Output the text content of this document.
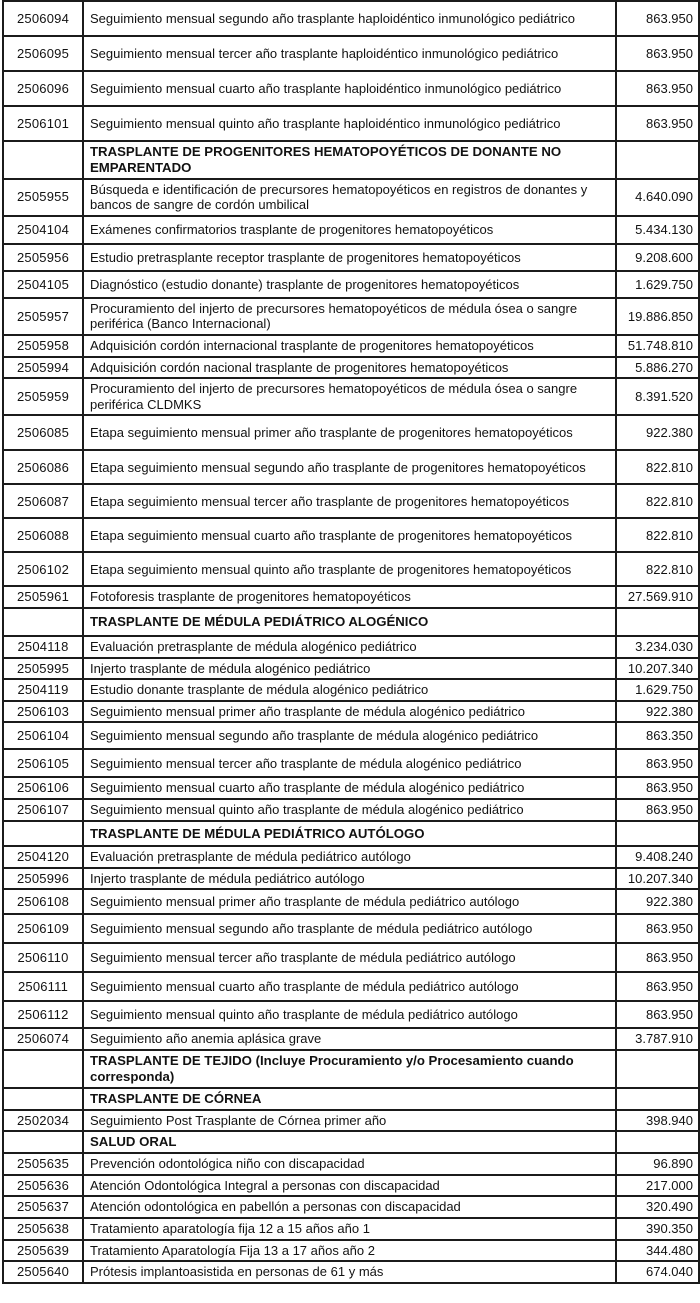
2506094	Seguimiento mensual segundo año trasplante haploidéntico inmunológico pediátrico	863.950
2506095	Seguimiento mensual tercer año trasplante haploidéntico inmunológico pediátrico	863.950
2506096	Seguimiento mensual cuarto año trasplante haploidéntico inmunológico pediátrico	863.950
2506101	Seguimiento mensual quinto año trasplante haploidéntico inmunológico pediátrico	863.950
	TRASPLANTE DE PROGENITORES HEMATOPOYÉTICOS DE DONANTE NO EMPARENTADO	
2505955	Búsqueda e identificación de precursores hematopoyéticos en registros de donantes y bancos de sangre de cordón umbilical	4.640.090
2504104	Exámenes confirmatorios trasplante de progenitores hematopoyéticos	5.434.130
2505956	Estudio pretrasplante receptor trasplante de progenitores hematopoyéticos	9.208.600
2504105	Diagnóstico (estudio donante) trasplante de progenitores hematopoyéticos	1.629.750
2505957	Procuramiento del injerto de precursores hematopoyéticos de médula ósea o sangre periférica (Banco Internacional)	19.886.850
2505958	Adquisición cordón internacional trasplante de progenitores hematopoyéticos	51.748.810
2505994	Adquisición cordón nacional trasplante de progenitores hematopoyéticos	5.886.270
2505959	Procuramiento del injerto de precursores hematopoyéticos de médula ósea o sangre periférica CLDMKS	8.391.520
2506085	Etapa seguimiento mensual primer año trasplante de progenitores hematopoyéticos	922.380
2506086	Etapa seguimiento mensual segundo año trasplante de progenitores hematopoyéticos	822.810
2506087	Etapa seguimiento mensual tercer año trasplante de progenitores hematopoyéticos	822.810
2506088	Etapa seguimiento mensual cuarto año trasplante de progenitores hematopoyéticos	822.810
2506102	Etapa seguimiento mensual quinto año trasplante de progenitores hematopoyéticos	822.810
2505961	Fotoforesis trasplante de progenitores hematopoyéticos	27.569.910
	TRASPLANTE DE MÉDULA PEDIÁTRICO ALOGÉNICO	
2504118	Evaluación pretrasplante de médula alogénico pediátrico	3.234.030
2505995	Injerto trasplante de médula alogénico pediátrico	10.207.340
2504119	Estudio donante trasplante de médula alogénico pediátrico	1.629.750
2506103	Seguimiento mensual primer año trasplante de médula alogénico pediátrico	922.380
2506104	Seguimiento mensual segundo año trasplante de médula alogénico pediátrico	863.350
2506105	Seguimiento mensual tercer año trasplante de médula alogénico pediátrico	863.950
2506106	Seguimiento mensual cuarto año trasplante de médula alogénico pediátrico	863.950
2506107	Seguimiento mensual quinto año trasplante de médula alogénico pediátrico	863.950
	TRASPLANTE DE MÉDULA PEDIÁTRICO AUTÓLOGO	
2504120	Evaluación pretrasplante de médula pediátrico autólogo	9.408.240
2505996	Injerto trasplante de médula pediátrico autólogo	10.207.340
2506108	Seguimiento mensual primer año trasplante de médula pediátrico autólogo	922.380
2506109	Seguimiento mensual segundo año trasplante de médula pediátrico autólogo	863.950
2506110	Seguimiento mensual tercer año trasplante de médula pediátrico autólogo	863.950
2506111	Seguimiento mensual cuarto año trasplante de médula pediátrico autólogo	863.950
2506112	Seguimiento mensual quinto año trasplante de médula pediátrico autólogo	863.950
2506074	Seguimiento año anemia aplásica grave	3.787.910
	TRASPLANTE DE TEJIDO (Incluye Procuramiento y/o Procesamiento cuando corresponda)	
	TRASPLANTE DE CÓRNEA	
2502034	Seguimiento Post Trasplante de Córnea primer año	398.940
	SALUD ORAL	
2505635	Prevención odontológica niño con discapacidad	96.890
2505636	Atención Odontológica Integral a personas con discapacidad	217.000
2505637	Atención odontológica en pabellón a personas con discapacidad	320.490
2505638	Tratamiento aparatología fija 12 a 15 años año 1	390.350
2505639	Tratamiento Aparatología Fija 13 a 17 años año 2	344.480
2505640	Prótesis implantoasistida en personas de 61 y más	674.040
